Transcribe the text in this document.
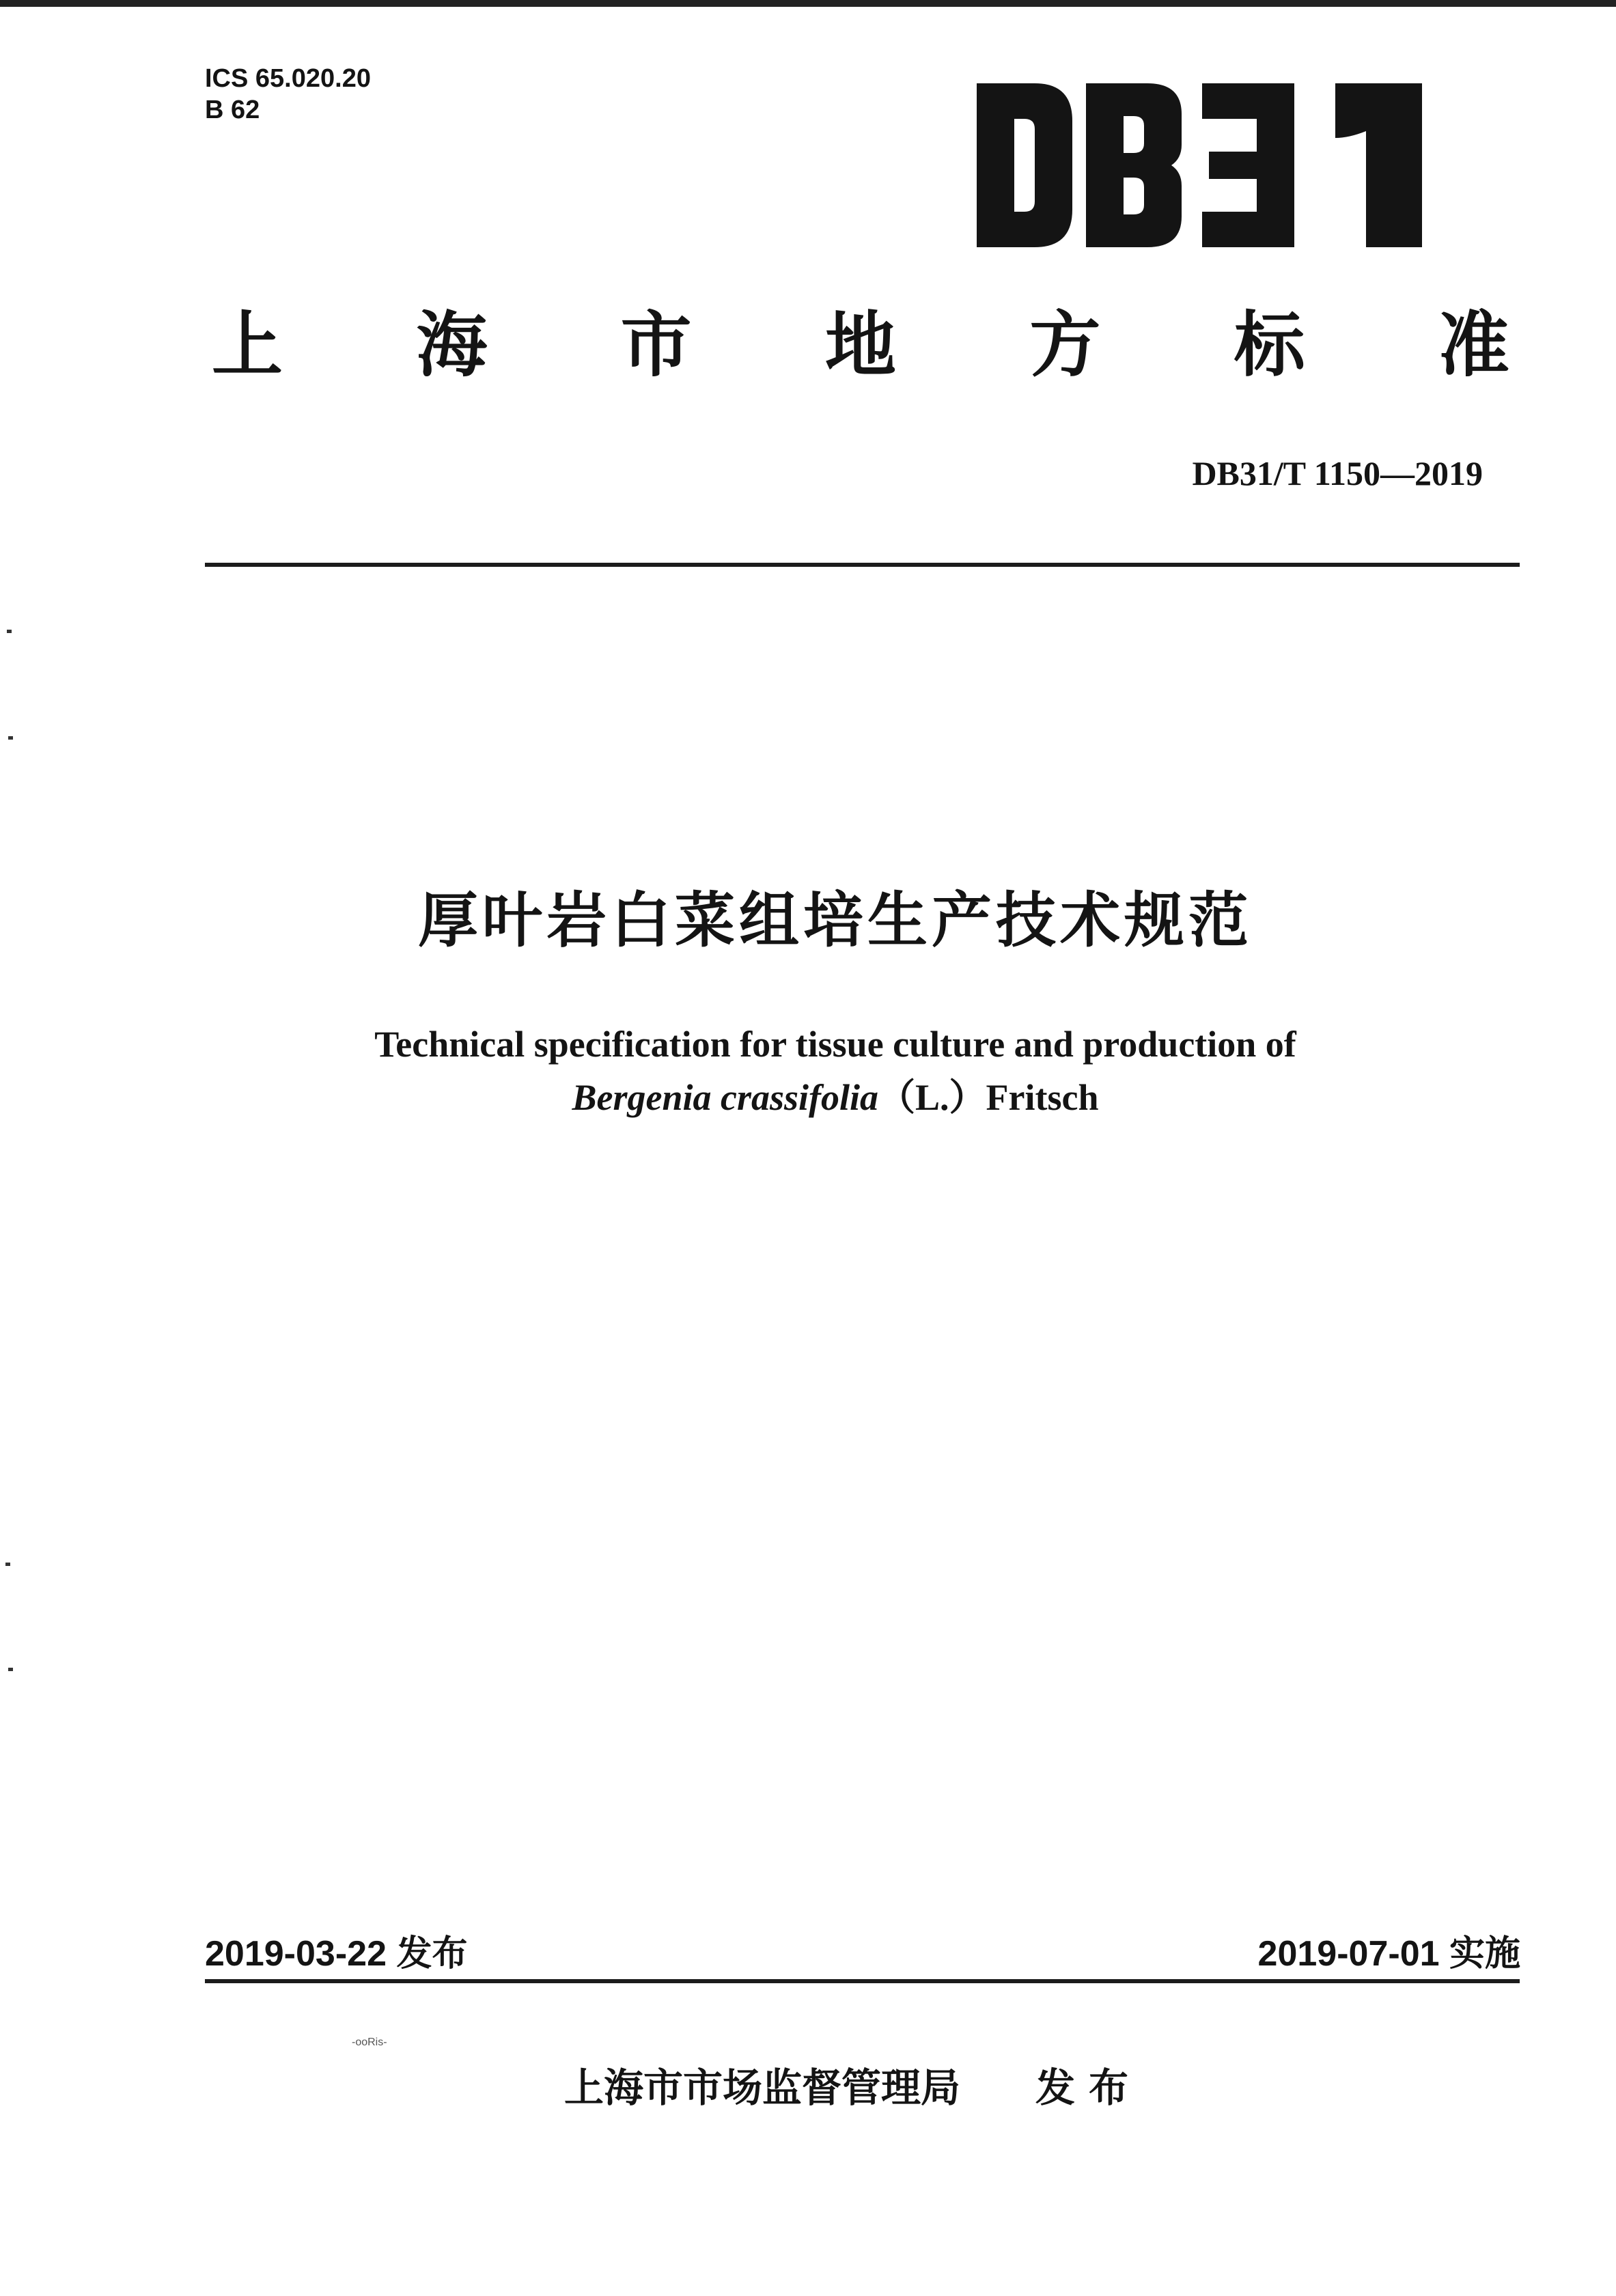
ICS 65.020.20
B 62
上 海 市 地 方 标 准
DB31/T 1150—2019
厚叶岩白菜组培生产技术规范
Technical specification for tissue culture and production of
Bergenia crassifolia（L.）Fritsch
2019-03-22 发布	2019-07-01 实施
-ooRis-
上海市市场监督管理局 发布
